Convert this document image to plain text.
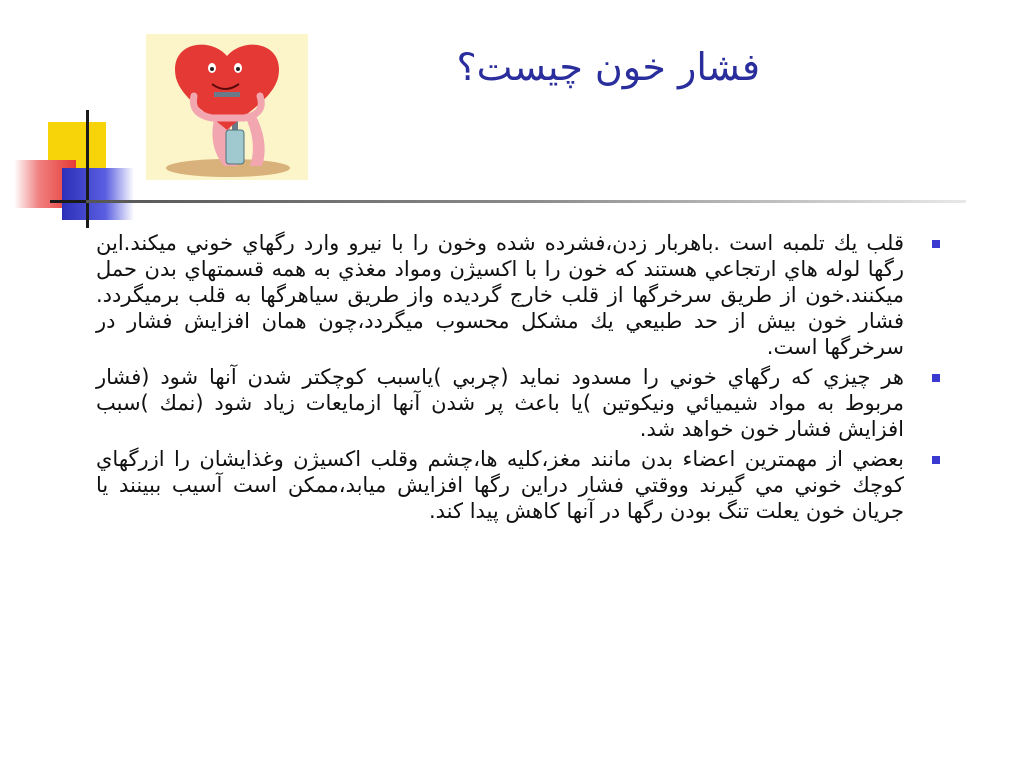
فشار خون چيست؟
قلب يك تلمبه است .باهربار زدن،فشرده شده وخون را با نيرو وارد رگهاي خوني ميكند.اين رگها لوله هاي ارتجاعي هستند كه خون را با اكسيژن ومواد مغذي به همه قسمتهاي بدن حمل ميكنند.خون از طريق سرخرگها از قلب خارج گرديده واز طريق سياهرگها به قلب برميگردد. فشار خون بيش از حد طبيعي يك مشكل محسوب ميگردد،چون همان افزايش فشار در سرخرگها است.
هر چيزي كه رگهاي خوني را مسدود نمايد (چربي )ياسبب كوچكتر شدن آنها شود (فشار مربوط به مواد شيميائي ونيكوتين )يا باعث پر شدن آنها ازمايعات زياد شود (نمك )سبب افزايش فشار خون خواهد شد.
بعضي از مهمترين اعضاء بدن مانند مغز،كليه ها،چشم وقلب اكسيژن وغذايشان را ازرگهاي كوچك خوني مي گيرند ووقتي فشار دراين رگها افزايش ميابد،ممكن است آسيب ببينند يا جريان خون يعلت تنگ بودن رگها در آنها كاهش پيدا كند.
